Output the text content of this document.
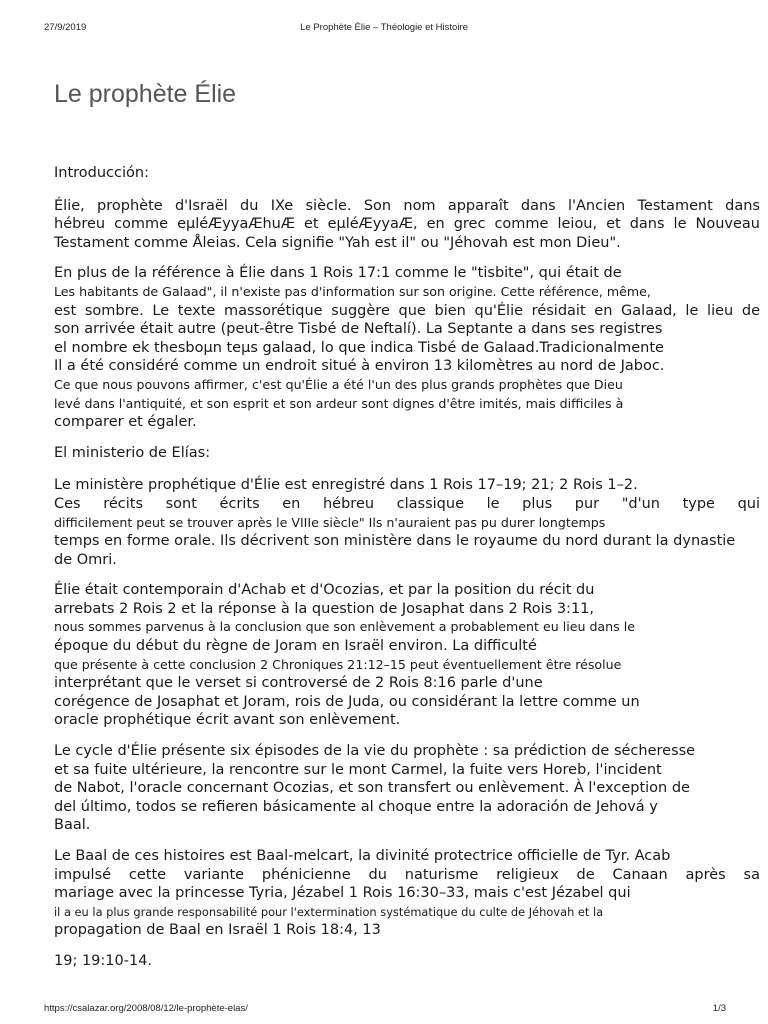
27/9/2019	Le Prophète Élie – Théologie et Histoire
Le prophète Élie

Introducción:

Élie, prophète d'Israël du IXe siècle. Son nom apparaît dans l'Ancien Testament dans
hébreu comme eμléÆyyaÆhuÆ et eμléÆyyaÆ, en grec comme leiou, et dans le Nouveau
Testament comme Åleias. Cela signifie "Yah est il" ou "Jéhovah est mon Dieu".

En plus de la référence à Élie dans 1 Rois 17:1 comme le "tisbite", qui était de
Les habitants de Galaad", il n'existe pas d'information sur son origine. Cette référence, même,
est sombre. Le texte massorétique suggère que bien qu'Élie résidait en Galaad, le lieu de
son arrivée était autre (peut-être Tisbé de Neftalí). La Septante a dans ses registres
el nombre ek thesboμn teμs galaad, lo que indica Tisbé de Galaad.Tradicionalmente
Il a été considéré comme un endroit situé à environ 13 kilomètres au nord de Jaboc.
Ce que nous pouvons affirmer, c'est qu'Élie a été l'un des plus grands prophètes que Dieu
levé dans l'antiquité, et son esprit et son ardeur sont dignes d'être imités, mais difficiles à
comparer et égaler.

El ministerio de Elías:

Le ministère prophétique d'Élie est enregistré dans 1 Rois 17–19; 21; 2 Rois 1–2.
Ces récits sont écrits en hébreu classique le plus pur "d'un type qui
difficilement peut se trouver après le VIIIe siècle" Ils n'auraient pas pu durer longtemps
temps en forme orale. Ils décrivent son ministère dans le royaume du nord durant la dynastie
de Omri.

Élie était contemporain d'Achab et d'Ocozias, et par la position du récit du
arrebats 2 Rois 2 et la réponse à la question de Josaphat dans 2 Rois 3:11,
nous sommes parvenus à la conclusion que son enlèvement a probablement eu lieu dans le
époque du début du règne de Joram en Israël environ. La difficulté
que présente à cette conclusion 2 Chroniques 21:12–15 peut éventuellement être résolue
interprétant que le verset si controversé de 2 Rois 8:16 parle d'une
corégence de Josaphat et Joram, rois de Juda, ou considérant la lettre comme un
oracle prophétique écrit avant son enlèvement.

Le cycle d'Élie présente six épisodes de la vie du prophète : sa prédiction de sécheresse
et sa fuite ultérieure, la rencontre sur le mont Carmel, la fuite vers Horeb, l'incident
de Nabot, l'oracle concernant Ocozias, et son transfert ou enlèvement. À l'exception de
del último, todos se refieren básicamente al choque entre la adoración de Jehová y
Baal.

Le Baal de ces histoires est Baal-melcart, la divinité protectrice officielle de Tyr. Acab
impulsé cette variante phénicienne du naturisme religieux de Canaan après sa
mariage avec la princesse Tyria, Jézabel 1 Rois 16:30–33, mais c'est Jézabel qui
il a eu la plus grande responsabilité pour l'extermination systématique du culte de Jéhovah et la
propagation de Baal en Israël 1 Rois 18:4, 13

19; 19:10-14.

https://csalazar.org/2008/08/12/le-prophète-elas/	1/3
